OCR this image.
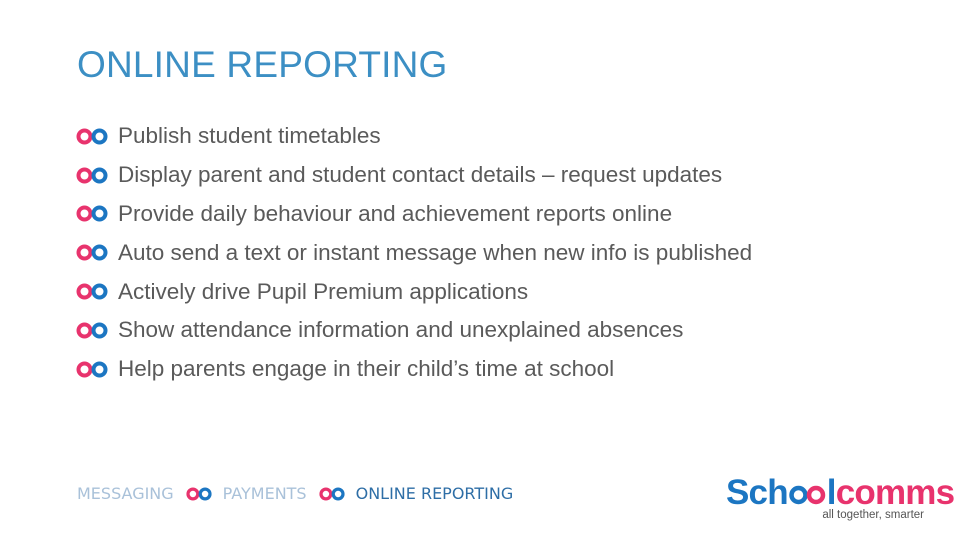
ONLINE REPORTING
Publish student timetables
Display parent and student contact details – request updates
Provide daily behaviour and achievement reports online
Auto send a text or instant message when new info is published
Actively drive Pupil Premium applications
Show attendance information and unexplained absences
Help parents engage in their child’s time at school
MESSAGING	PAYMENTS	ONLINE REPORTING	Sch l comms
all together, smarter
